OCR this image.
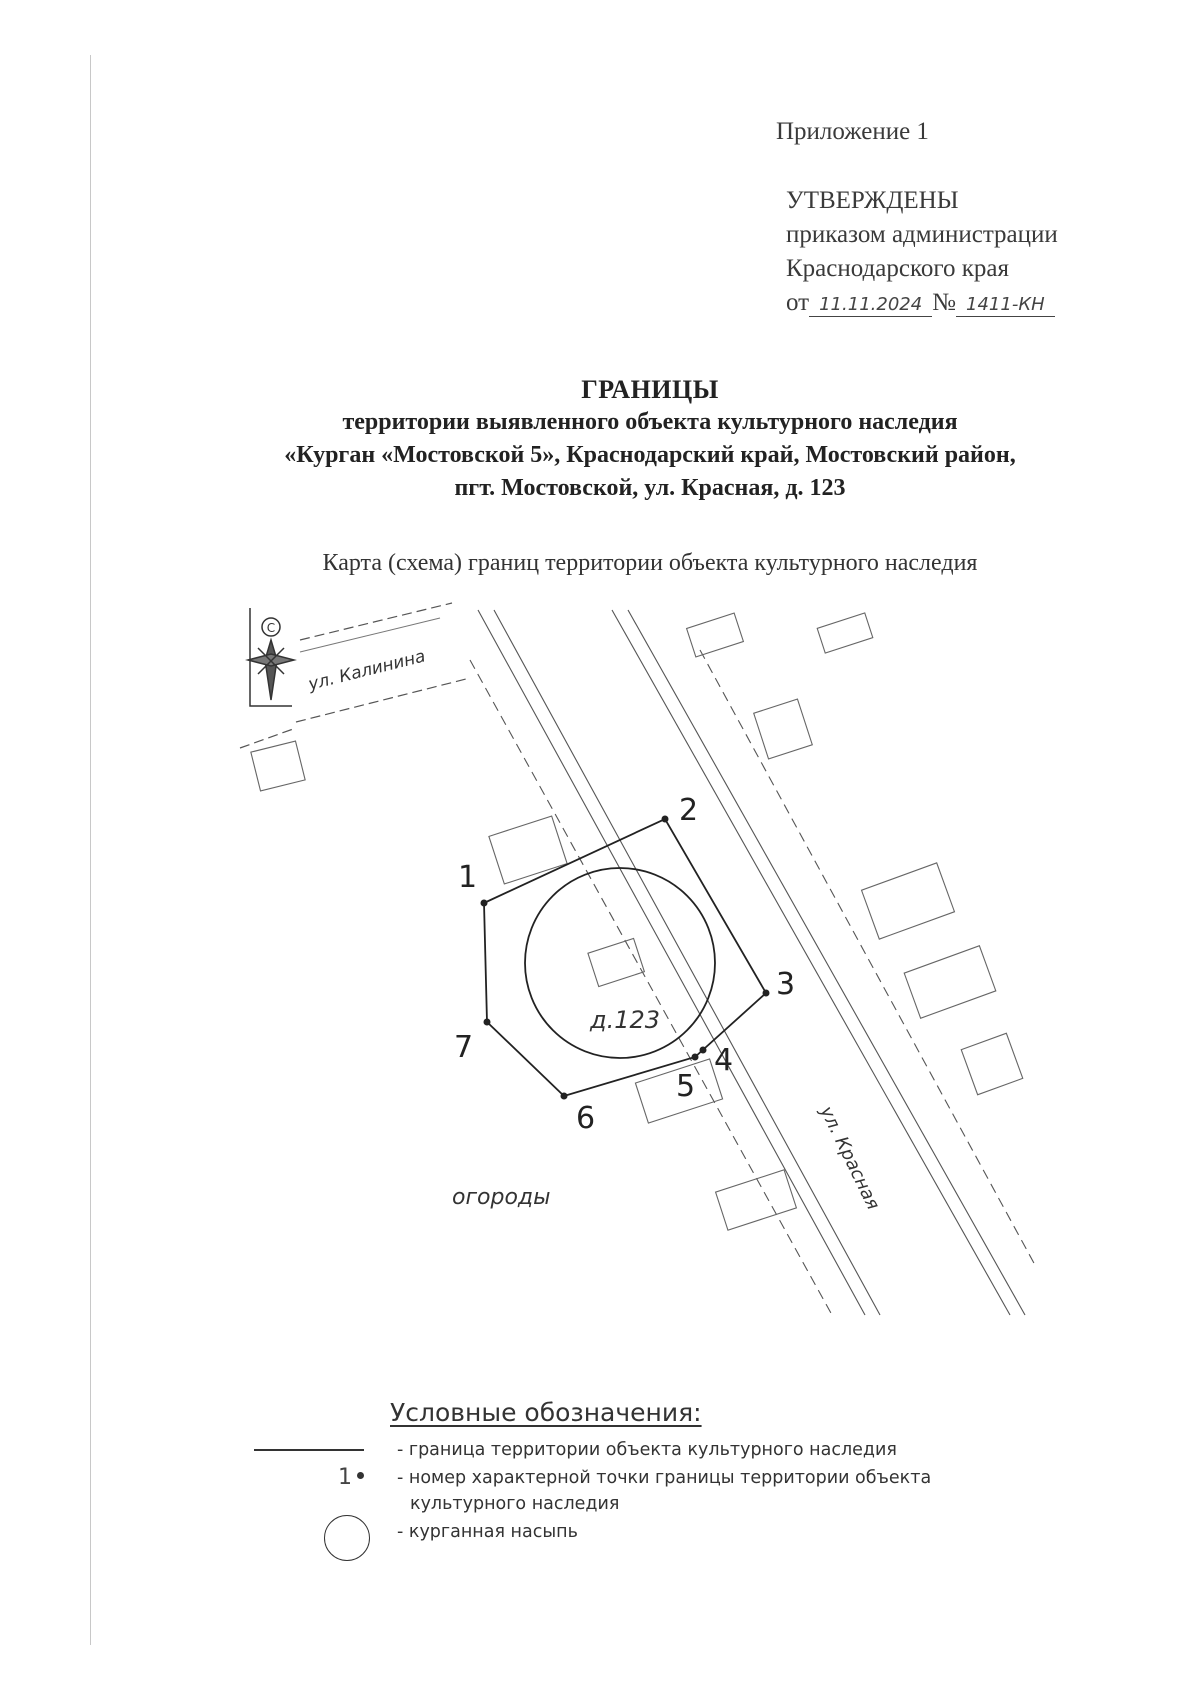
Приложение 1
УТВЕРЖДЕНЫ
приказом администрации
Краснодарского края
от 11.11.2024 № 1411-КН
ГРАНИЦЫ
территории выявленного объекта культурного наследия
«Курган «Мостовской 5», Краснодарский край, Мостовский район,
пгт. Мостовской, ул. Красная, д. 123
Карта (схема) границ территории объекта культурного наследия
С
ул. Калинина
ул. Красная
д.123
1
2
3
4
5
6
7
огороды
Условные обозначения:
- граница территории объекта культурного наследия
1	- номер характерной точки границы территории объекта
культурного наследия
- курганная насыпь
